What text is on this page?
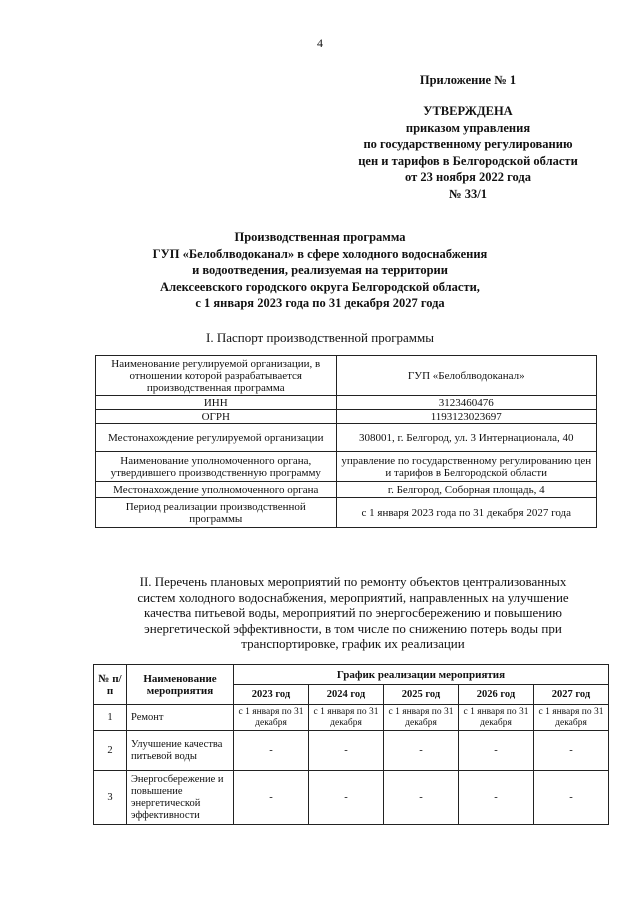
4
Приложение № 1
УТВЕРЖДЕНА
приказом управления
по государственному регулированию
цен и тарифов в Белгородской области
от 23 ноября 2022 года
№ 33/1
Производственная программа
ГУП «Белоблводоканал» в сфере холодного водоснабжения
и водоотведения, реализуемая на территории
Алексеевского городского округа Белгородской области,
с 1 января 2023 года по 31 декабря 2027 года
I. Паспорт производственной программы
Наименование регулируемой организации, в отношении которой разрабатывается производственная программа	ГУП «Белоблводоканал»
ИНН	3123460476
ОГРН	1193123023697
Местонахождение регулируемой организации	308001, г. Белгород, ул. 3 Интернационала, 40
Наименование уполномоченного органа, утвердившего производственную программу	управление по государственному регулированию цен и тарифов в Белгородской области
Местонахождение уполномоченного органа	г. Белгород, Соборная площадь, 4
Период реализации производственной программы	с 1 января 2023 года по 31 декабря 2027 года
II. Перечень плановых мероприятий по ремонту объектов централизованных
систем холодного водоснабжения, мероприятий, направленных на улучшение
качества питьевой воды, мероприятий по энергосбережению и повышению
энергетической эффективности, в том числе по снижению потерь воды при
транспортировке, график их реализации
№ п/п	Наименование мероприятия	График реализации мероприятия				
		2023 год	2024 год	2025 год	2026 год	2027 год
1	Ремонт	с 1 января по 31 декабря	с 1 января по 31 декабря	с 1 января по 31 декабря	с 1 января по 31 декабря	с 1 января по 31 декабря
2	Улучшение качества питьевой воды	-	-	-	-	-
3	Энергосбережение и повышение энергетической эффективности	-	-	-	-	-
